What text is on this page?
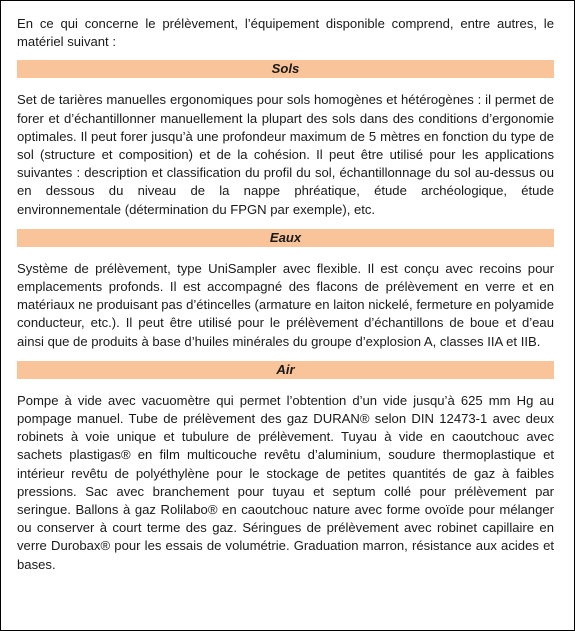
En ce qui concerne le prélèvement, l’équipement disponible comprend, entre autres, le matériel suivant :

Sols

Set de tarières manuelles ergonomiques pour sols homogènes et hétérogènes : il permet de forer et d’échantillonner manuellement la plupart des sols dans des conditions d’ergonomie optimales. Il peut forer jusqu’à une profondeur maximum de 5 mètres en fonction du type de sol (structure et composition) et de la cohésion. Il peut être utilisé pour les applications suivantes : description et classification du profil du sol, échantillonnage du sol au-dessus ou en dessous du niveau de la nappe phréatique, étude archéologique, étude environnementale (détermination du FPGN par exemple), etc.

Eaux

Système de prélèvement, type UniSampler avec flexible. Il est conçu avec recoins pour emplacements profonds. Il est accompagné des flacons de prélèvement en verre et en matériaux ne produisant pas d’étincelles (armature en laiton nickelé, fermeture en polyamide conducteur, etc.). Il peut être utilisé pour le prélèvement d’échantillons de boue et d’eau ainsi que de produits à base d’huiles minérales du groupe d’explosion A, classes IIA et IIB.

Air

Pompe à vide avec vacuomètre qui permet l’obtention d’un vide jusqu’à 625 mm Hg au pompage manuel. Tube de prélèvement des gaz DURAN® selon DIN 12473-1 avec deux robinets à voie unique et tubulure de prélèvement. Tuyau à vide en caoutchouc avec sachets plastigas® en film multicouche revêtu d’aluminium, soudure thermoplastique et intérieur revêtu de polyéthylène pour le stockage de petites quantités de gaz à faibles pressions. Sac avec branchement pour tuyau et septum collé pour prélèvement par seringue. Ballons à gaz Rolilabo® en caoutchouc nature avec forme ovoïde pour mélanger ou conserver à court terme des gaz. Séringues de prélèvement avec robinet capillaire en verre Durobax® pour les essais de volumétrie. Graduation marron, résistance aux acides et bases.
